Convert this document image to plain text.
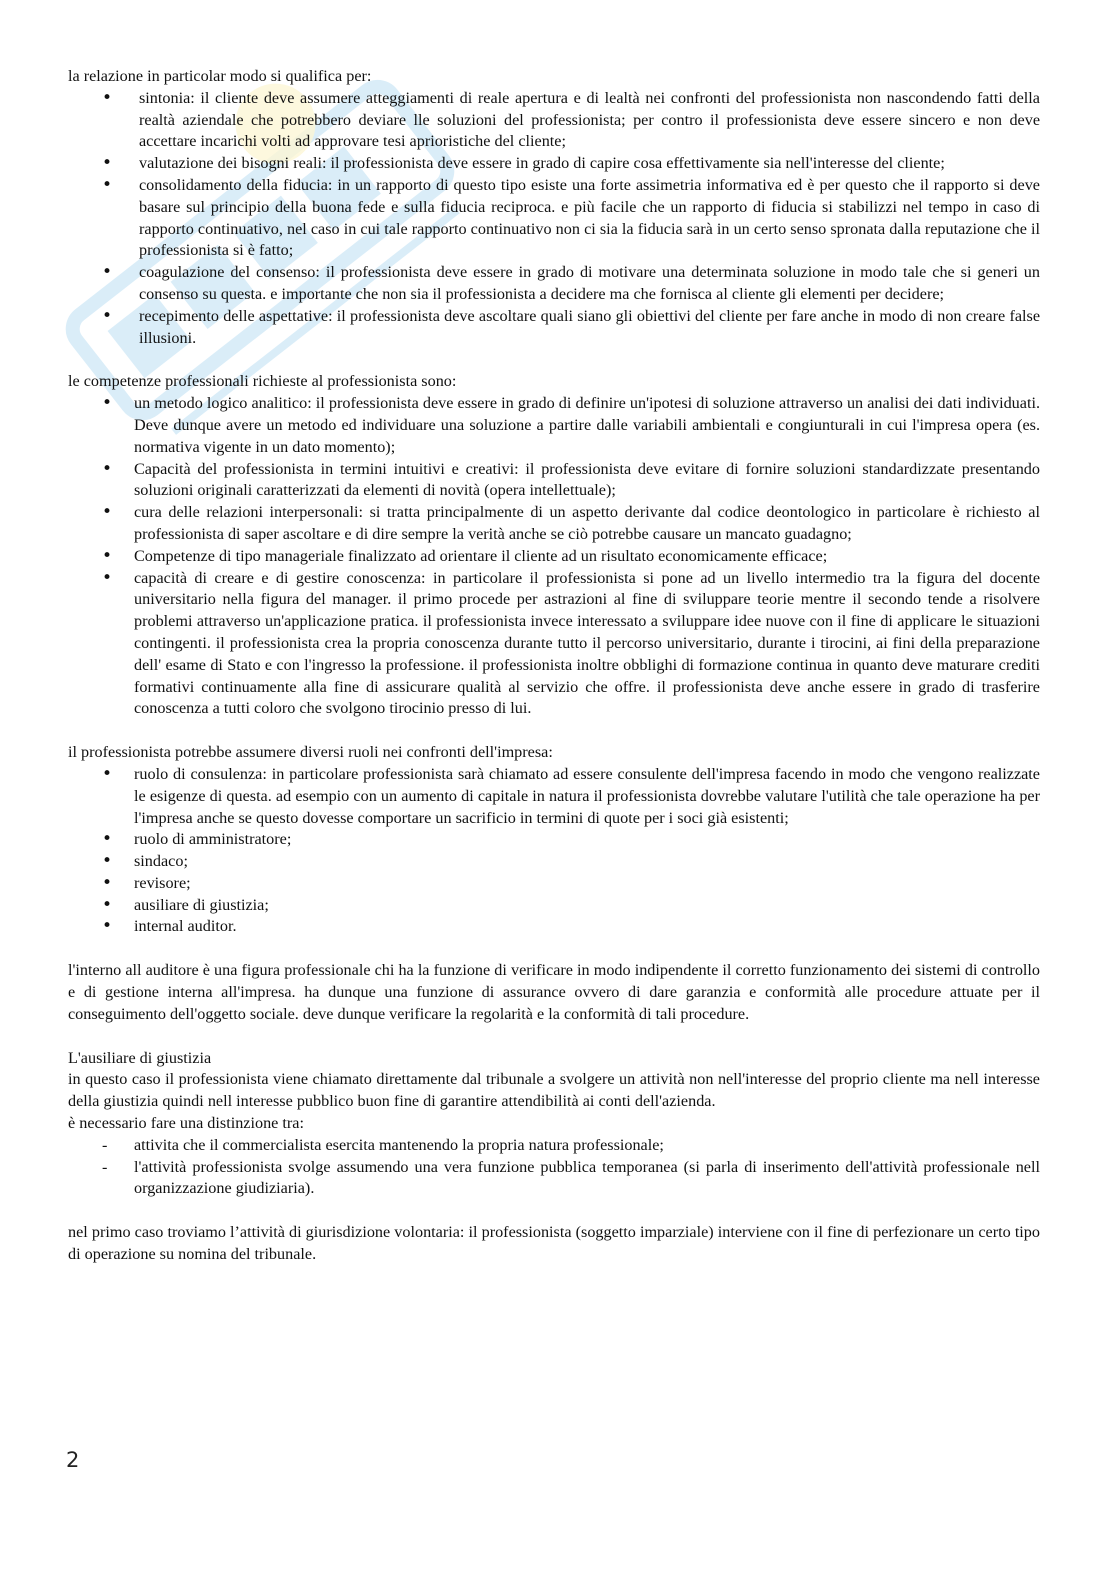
la relazione in particolar modo si qualifica per:

• sintonia: il cliente deve assumere atteggiamenti di reale apertura e di lealtà nei confronti del professionista non nascondendo fatti della realtà aziendale che potrebbero deviare lle soluzioni del professionista; per contro il professionista deve essere sincero e non deve accettare incarichi volti ad approvare tesi aprioristiche del cliente;
• valutazione dei bisogni reali: il professionista deve essere in grado di capire cosa effettivamente sia nell'interesse del cliente;
• consolidamento della fiducia: in un rapporto di questo tipo esiste una forte assimetria informativa ed è per questo che il rapporto si deve basare sul principio della buona fede e sulla fiducia reciproca. e più facile che un rapporto di fiducia si stabilizzi nel tempo in caso di rapporto continuativo, nel caso in cui tale rapporto continuativo non ci sia la fiducia sarà in un certo senso spronata dalla reputazione che il professionista si è fatto;
• coagulazione del consenso: il professionista deve essere in grado di motivare una determinata soluzione in modo tale che si generi un consenso su questa. e importante che non sia il professionista a decidere ma che fornisca al cliente gli elementi per decidere;
• recepimento delle aspettative: il professionista deve ascoltare quali siano gli obiettivi del cliente per fare anche in modo di non creare false illusioni.

le competenze professionali richieste al professionista sono:

• un metodo logico analitico: il professionista deve essere in grado di definire un'ipotesi di soluzione attraverso un analisi dei dati individuati. Deve dunque avere un metodo ed individuare una soluzione a partire dalle variabili ambientali e congiunturali in cui l'impresa opera (es. normativa vigente in un dato momento);
• Capacità del professionista in termini intuitivi e creativi: il professionista deve evitare di fornire soluzioni standardizzate presentando soluzioni originali caratterizzati da elementi di novità (opera intellettuale);
• cura delle relazioni interpersonali: si tratta principalmente di un aspetto derivante dal codice deontologico in particolare è richiesto al professionista di saper ascoltare e di dire sempre la verità anche se ciò potrebbe causare un mancato guadagno;
• Competenze di tipo manageriale finalizzato ad orientare il cliente ad un risultato economicamente efficace;
• capacità di creare e di gestire conoscenza: in particolare il professionista si pone ad un livello intermedio tra la figura del docente universitario nella figura del manager. il primo procede per astrazioni al fine di sviluppare teorie mentre il secondo tende a risolvere problemi attraverso un'applicazione pratica. il professionista invece interessato a sviluppare idee nuove con il fine di applicare le situazioni contingenti. il professionista crea la propria conoscenza durante tutto il percorso universitario, durante i tirocini, ai fini della preparazione dell' esame di Stato e con l'ingresso la professione. il professionista inoltre obblighi di formazione continua in quanto deve maturare crediti formativi continuamente alla fine di assicurare qualità al servizio che offre. il professionista deve anche essere in grado di trasferire conoscenza a tutti coloro che svolgono tirocinio presso di lui.

il professionista potrebbe assumere diversi ruoli nei confronti dell'impresa:

• ruolo di consulenza: in particolare professionista sarà chiamato ad essere consulente dell'impresa facendo in modo che vengono realizzate le esigenze di questa. ad esempio con un aumento di capitale in natura il professionista dovrebbe valutare l'utilità che tale operazione ha per l'impresa anche se questo dovesse comportare un sacrificio in termini di quote per i soci già esistenti;
• ruolo di amministratore;
• sindaco;
• revisore;
• ausiliare di giustizia;
• internal auditor.

l'interno all auditore è una figura professionale chi ha la funzione di verificare in modo indipendente il corretto funzionamento dei sistemi di controllo e di gestione interna all'impresa. ha dunque una funzione di assurance ovvero di dare garanzia e conformità alle procedure attuate per il conseguimento dell'oggetto sociale. deve dunque verificare la regolarità e la conformità di tali procedure.

L'ausiliare di giustizia

in questo caso il professionista viene chiamato direttamente dal tribunale a svolgere un attività non nell'interesse del proprio cliente ma nell interesse della giustizia quindi nell interesse pubblico buon fine di garantire attendibilità ai conti dell'azienda.

è necessario fare una distinzione tra:

- attivita che il commercialista esercita mantenendo la propria natura professionale;
- l'attività professionista svolge assumendo una vera funzione pubblica temporanea (si parla di inserimento dell'attività professionale nell organizzazione giudiziaria).

nel primo caso troviamo l’attività di giurisdizione volontaria: il professionista (soggetto imparziale) interviene con il fine di perfezionare un certo tipo di operazione su nomina del tribunale.

2
